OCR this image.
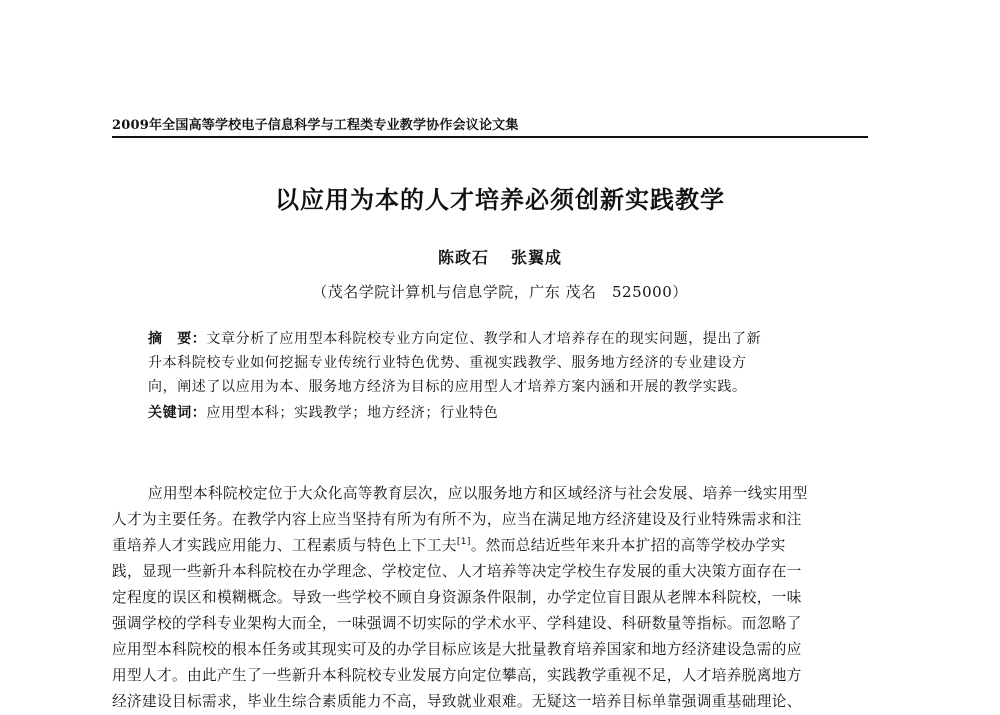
2009年全国高等学校电子信息科学与工程类专业教学协作会议论文集
以应用为本的人才培养必须创新实践教学
陈政石 张翼成
（茂名学院计算机与信息学院，广东 茂名　525000）
摘　要：文章分析了应用型本科院校专业方向定位、教学和人才培养存在的现实问题，提出了新
升本科院校专业如何挖掘专业传统行业特色优势、重视实践教学、服务地方经济的专业建设方
向，阐述了以应用为本、服务地方经济为目标的应用型人才培养方案内涵和开展的教学实践。
关键词：应用型本科；实践教学；地方经济；行业特色
应用型本科院校定位于大众化高等教育层次，应以服务地方和区域经济与社会发展、培养一线实用型
人才为主要任务。在教学内容上应当坚持有所为有所不为，应当在满足地方经济建设及行业特殊需求和注
重培养人才实践应用能力、工程素质与特色上下工夫[1]。然而总结近些年来升本扩招的高等学校办学实
践，显现一些新升本科院校在办学理念、学校定位、人才培养等决定学校生存发展的重大决策方面存在一
定程度的误区和模糊概念。导致一些学校不顾自身资源条件限制，办学定位盲目跟从老牌本科院校，一味
强调学校的学科专业架构大而全，一味强调不切实际的学术水平、学科建设、科研数量等指标。而忽略了
应用型本科院校的根本任务或其现实可及的办学目标应该是大批量教育培养国家和地方经济建设急需的应
用型人才。由此产生了一些新升本科院校专业发展方向定位攀高，实践教学重视不足，人才培养脱离地方
经济建设目标需求，毕业生综合素质能力不高，导致就业艰难。无疑这一培养目标单靠强调重基础理论、
